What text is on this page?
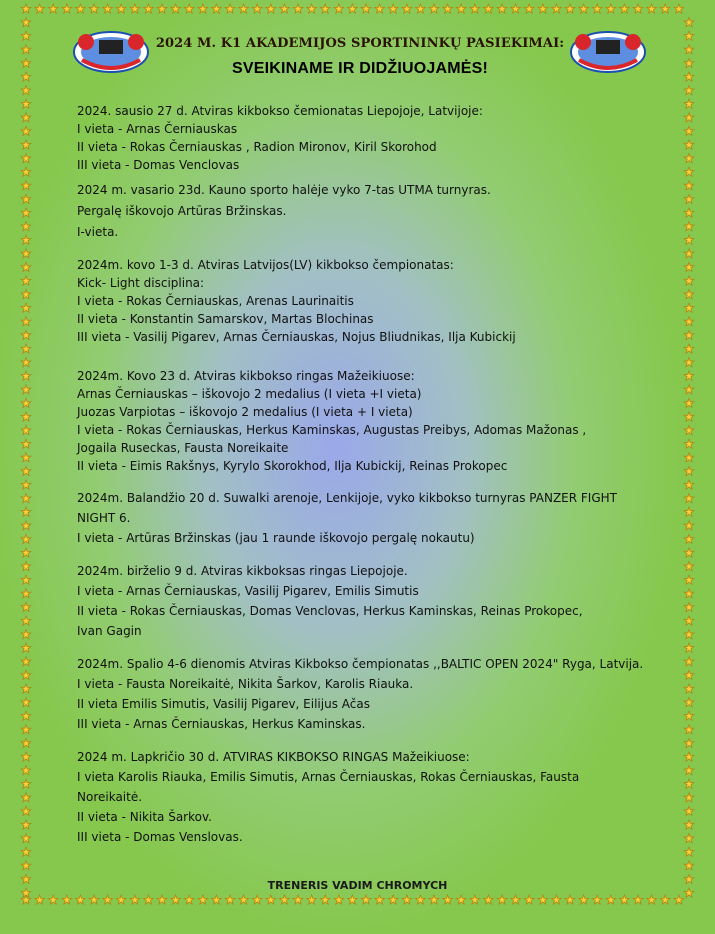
2024 M. K1 AKADEMIJOS SPORTININKŲ PASIEKIMAI:
SVEIKINAME IR DIDŽIUOJAMĖS!
2024. sausio 27 d. Atviras kikbokso čemionatas Liepojoje, Latvijoje:
I vieta - Arnas Černiauskas
II vieta - Rokas Černiauskas , Radion Mironov, Kiril Skorohod
III vieta - Domas Venclovas
2024 m. vasario 23d. Kauno sporto halėje vyko 7-tas UTMA turnyras.
Pergalę iškovojo Artūras Bržinskas.
I-vieta.
2024m. kovo 1-3 d. Atviras Latvijos(LV) kikbokso čempionatas:
Kick- Light disciplina:
I vieta - Rokas Černiauskas, Arenas Laurinaitis
II vieta - Konstantin Samarskov, Martas Blochinas
III vieta - Vasilij Pigarev, Arnas Černiauskas, Nojus Bliudnikas, Ilja Kubickij
2024m. Kovo 23 d. Atviras kikbokso ringas Mažeikiuose:
Arnas Černiauskas – iškovojo 2 medalius (I vieta +I vieta)
Juozas Varpiotas – iškovojo 2 medalius (I vieta + I vieta)
I vieta - Rokas Černiauskas, Herkus Kaminskas, Augustas Preibys, Adomas Mažonas ,
Jogaila Ruseckas, Fausta Noreikaite
II vieta - Eimis Rakšnys, Kyrylo Skorokhod, Ilja Kubickij, Reinas Prokopec
2024m. Balandžio 20 d. Suwalki arenoje, Lenkijoje, vyko kikbokso turnyras PANZER FIGHT
NIGHT 6.
I vieta - Artūras Bržinskas (jau 1 raunde iškovojo pergalę nokautu)
2024m. birželio 9 d. Atviras kikboksas ringas Liepojoje.
I vieta - Arnas Černiauskas, Vasilij Pigarev, Emilis Simutis
II vieta - Rokas Černiauskas, Domas Venclovas, Herkus Kaminskas, Reinas Prokopec,
Ivan Gagin
2024m. Spalio 4-6 dienomis Atviras Kikbokso čempionatas ,,BALTIC OPEN 2024" Ryga, Latvija.
I vieta - Fausta Noreikaitė, Nikita Šarkov, Karolis Riauka.
II vieta Emilis Simutis, Vasilij Pigarev, Eilijus Ačas
III vieta - Arnas Černiauskas, Herkus Kaminskas.
2024 m. Lapkričio 30 d. ATVIRAS KIKBOKSO RINGAS Mažeikiuose:
I vieta Karolis Riauka, Emilis Simutis, Arnas Černiauskas, Rokas Černiauskas, Fausta
Noreikaitė.
II vieta - Nikita Šarkov.
III vieta - Domas Venslovas.

TRENERIS VADIM CHROMYCH
